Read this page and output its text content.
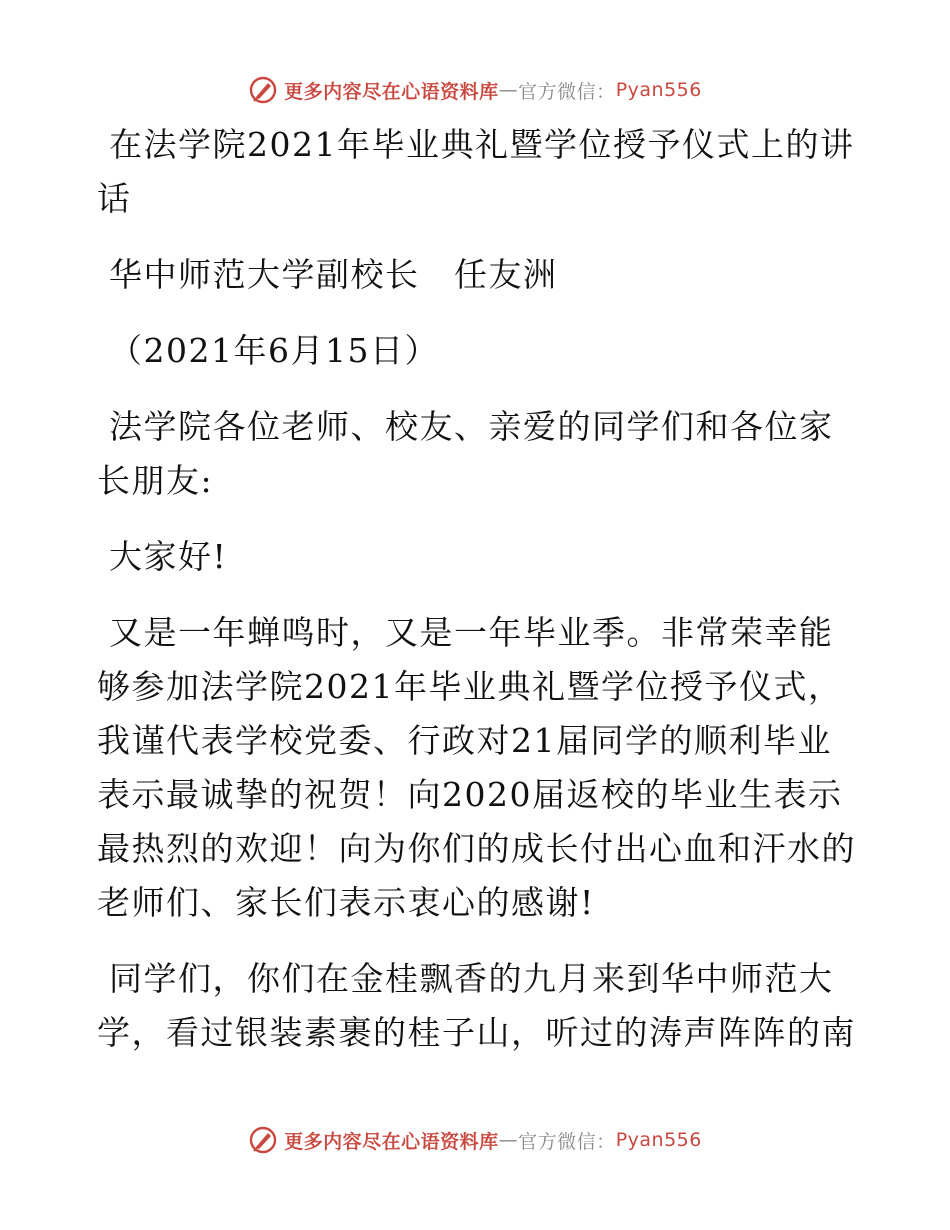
更多内容尽在心语资料库 — 官方微信： Pyan556

在法学院2021年毕业典礼暨学位授予仪式上的讲话

华中师范大学副校长　任友洲

（2021年6月15日）

法学院各位老师、校友、亲爱的同学们和各位家长朋友:

大家好!

又是一年蝉鸣时，又是一年毕业季。非常荣幸能够参加法学院2021年毕业典礼暨学位授予仪式，我谨代表学校党委、行政对21届同学的顺利毕业表示最诚挚的祝贺！向2020届返校的毕业生表示最热烈的欢迎！向为你们的成长付出心血和汗水的老师们、家长们表示衷心的感谢!

同学们，你们在金桂飘香的九月来到华中师范大学，看过银装素裹的桂子山，听过的涛声阵阵的南

更多内容尽在心语资料库 — 官方微信： Pyan556
